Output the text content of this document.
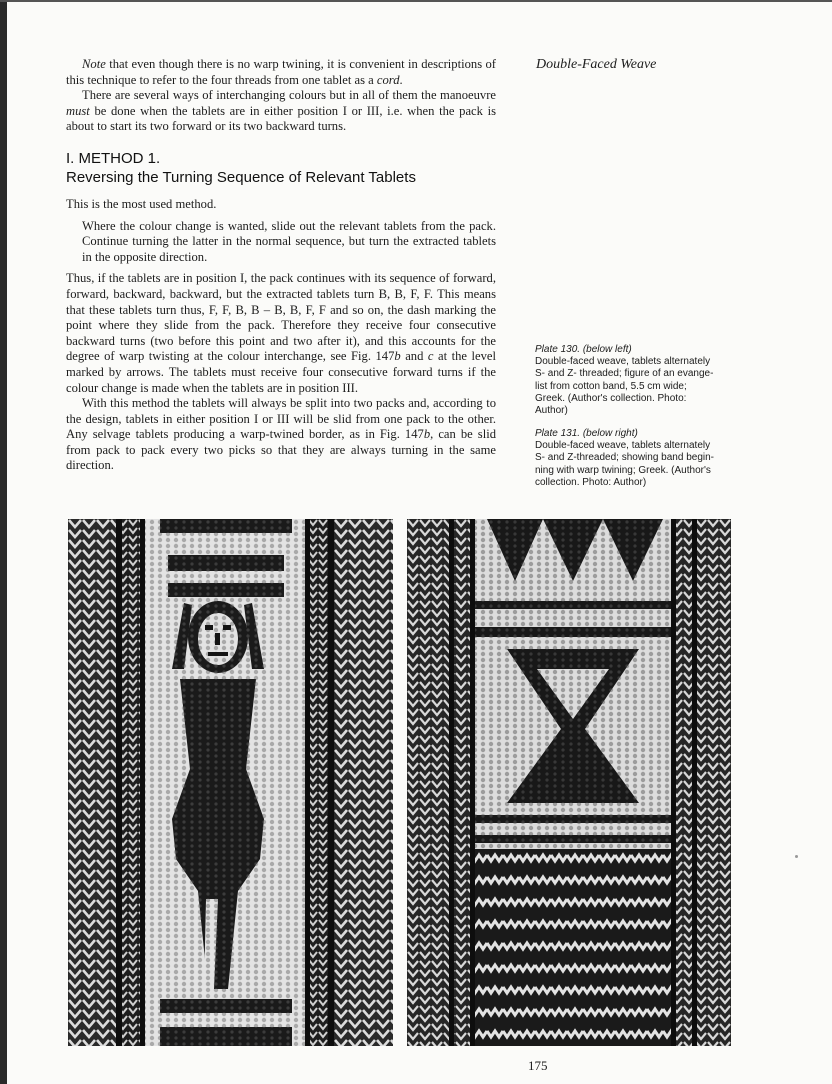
Double-Faced Weave

Note that even though there is no warp twining, it is convenient in descriptions of this technique to refer to the four threads from one tablet as a cord.

There are several ways of interchanging colours but in all of them the manoeuvre must be done when the tablets are in either position I or III, i.e. when the pack is about to start its two forward or its two backward turns.

I. METHOD 1.
Reversing the Turning Sequence of Relevant Tablets

This is the most used method.

Where the colour change is wanted, slide out the relevant tablets from the pack. Continue turning the latter in the normal sequence, but turn the extracted tablets in the opposite direction.

Thus, if the tablets are in position I, the pack continues with its sequence of forward, forward, backward, backward, but the extracted tablets turn B, B, F, F. This means that these tablets turn thus, F, F, B, B – B, B, F, F and so on, the dash marking the point where they slide from the pack. Therefore they receive four consecutive backward turns (two before this point and two after it), and this accounts for the degree of warp twisting at the colour interchange, see Fig. 147b and c at the level marked by arrows. The tablets must receive four consecutive forward turns if the colour change is made when the tablets are in position III.

With this method the tablets will always be split into two packs and, according to the design, tablets in either position I or III will be slid from one pack to the other. Any selvage tablets producing a warp-twined border, as in Fig. 147b, can be slid from pack to pack every two picks so that they are always turning in the same direction.

Plate 130. (below left)
Double-faced weave, tablets alternately
S- and Z- threaded; figure of an evange-
list from cotton band, 5.5 cm wide;
Greek. (Author's collection. Photo:
Author)
Plate 131. (below right)
Double-faced weave, tablets alternately
S- and Z-threaded; showing band begin-
ning with warp twining; Greek. (Author's
collection. Photo: Author)
175
